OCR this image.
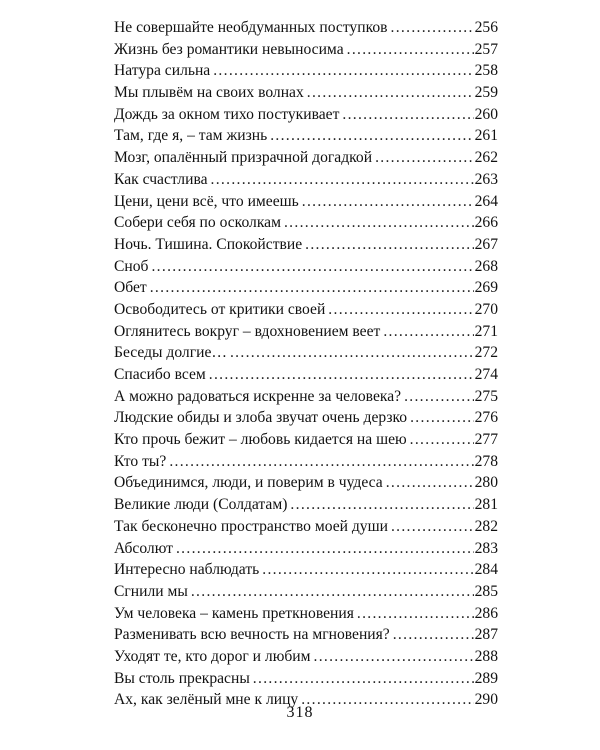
Не совершайте необдуманных поступков .....	256
Жизнь без романтики невыносима .....	257
Натура сильна .....	258
Мы плывём на своих волнах .....	259
Дождь за окном тихо постукивает .....	260
Там, где я, – там жизнь .....	261
Мозг, опалённый призрачной догадкой .....	262
Как счастлива .....	263
Цени, цени всё, что имеешь .....	264
Собери себя по осколкам .....	266
Ночь. Тишина. Спокойствие .....	267
Сноб .....	268
Обет .....	269
Освободитесь от критики своей .....	270
Оглянитесь вокруг – вдохновением веет .....	271
Беседы долгие… .....	272
Спасибо всем .....	274
А можно радоваться искренне за человека? .....	275
Людские обиды и злоба звучат очень дерзко .....	276
Кто прочь бежит – любовь кидается на шею .....	277
Кто ты? .....	278
Объединимся, люди, и поверим в чудеса .....	280
Великие люди (Солдатам) .....	281
Так бесконечно пространство моей души .....	282
Абсолют .....	283
Интересно наблюдать .....	284
Сгнили мы .....	285
Ум человека – камень преткновения .....	286
Разменивать всю вечность на мгновения? .....	287
Уходят те, кто дорог и любим .....	288
Вы столь прекрасны .....	289
Ах, как зелёный мне к лицу .....	290
318
